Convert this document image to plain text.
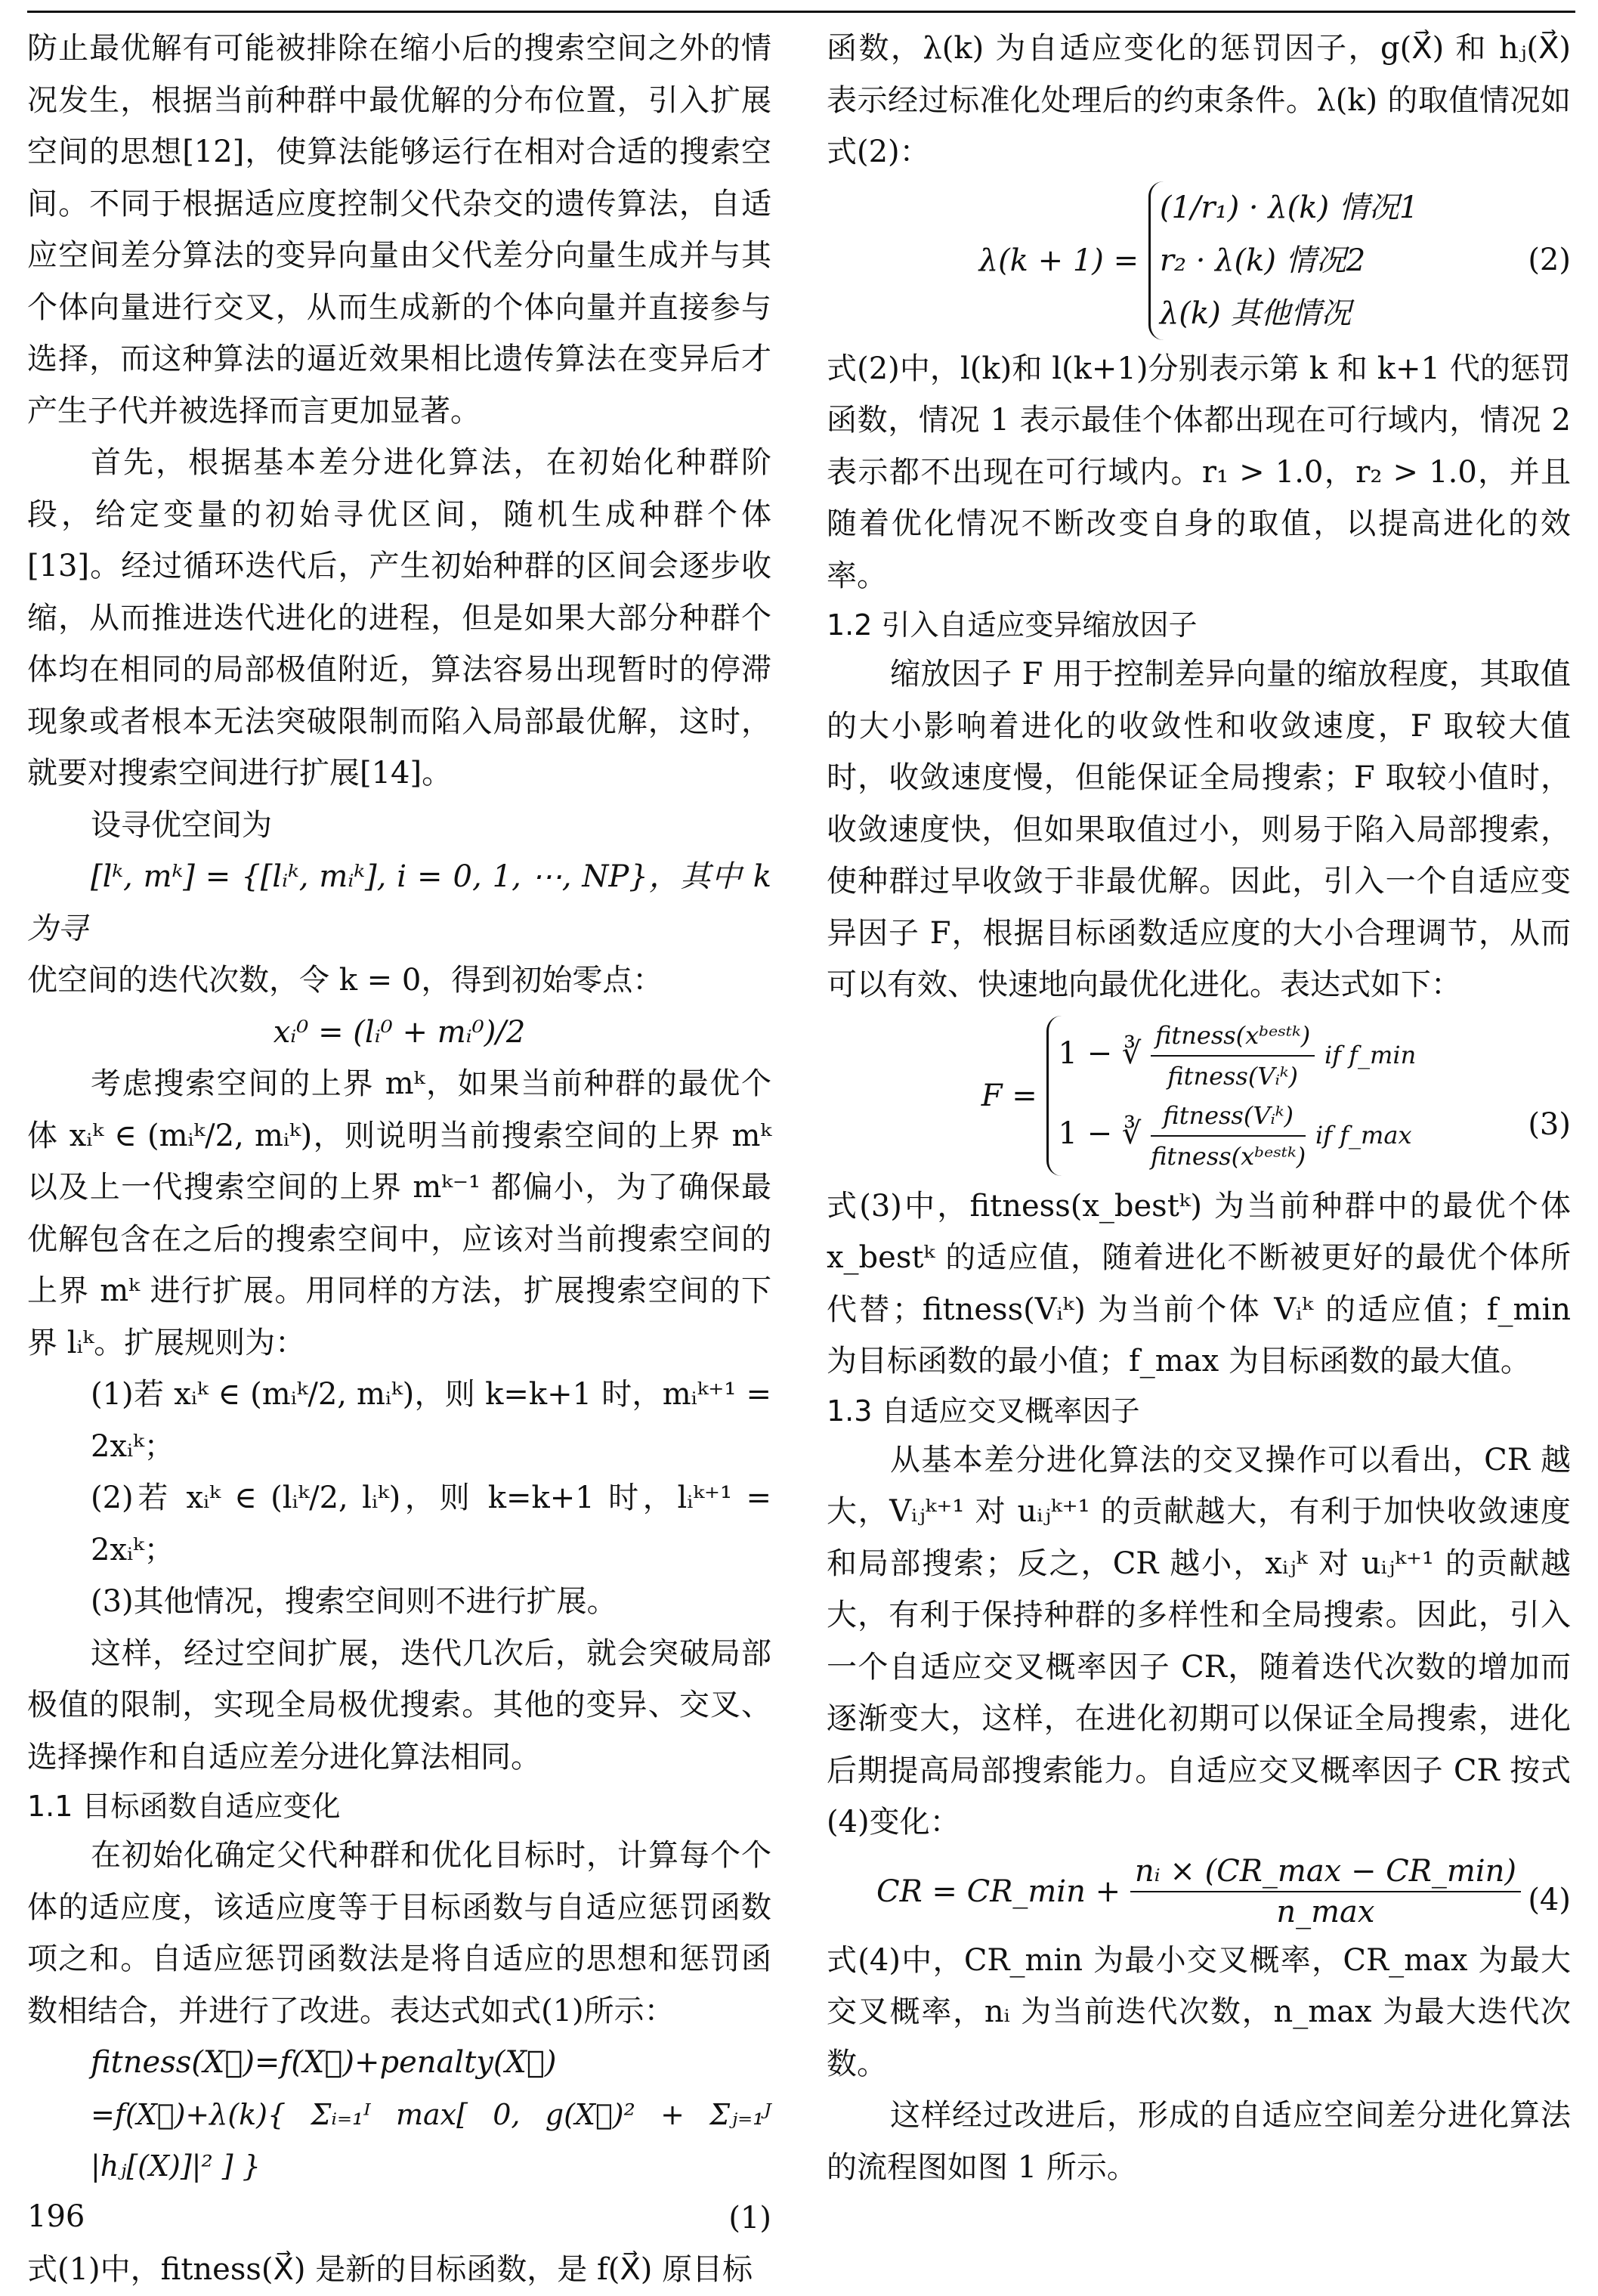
防止最优解有可能被排除在缩小后的搜索空间之外的情况发生，根据当前种群中最优解的分布位置，引入扩展空间的思想[12]，使算法能够运行在相对合适的搜索空间。不同于根据适应度控制父代杂交的遗传算法，自适应空间差分算法的变异向量由父代差分向量生成并与其个体向量进行交叉，从而生成新的个体向量并直接参与选择，而这种算法的逼近效果相比遗传算法在变异后才产生子代并被选择而言更加显著。

首先，根据基本差分进化算法，在初始化种群阶段，给定变量的初始寻优区间，随机生成种群个体[13]。经过循环迭代后，产生初始种群的区间会逐步收缩，从而推进迭代进化的进程，但是如果大部分种群个体均在相同的局部极值附近，算法容易出现暂时的停滞现象或者根本无法突破限制而陷入局部最优解，这时，就要对搜索空间进行扩展[14]。

设寻优空间为

[lᵏ, mᵏ] = {[lᵢᵏ, mᵢᵏ], i = 0, 1, ⋯, NP}，其中 k 为寻

优空间的迭代次数，令 k = 0，得到初始零点：

xᵢ⁰ = (lᵢ⁰ + mᵢ⁰)/2

考虑搜索空间的上界 mᵏ，如果当前种群的最优个体 xᵢᵏ ∈ (mᵢᵏ/2, mᵢᵏ)，则说明当前搜索空间的上界 mᵏ 以及上一代搜索空间的上界 mᵏ⁻¹ 都偏小，为了确保最优解包含在之后的搜索空间中，应该对当前搜索空间的上界 mᵏ 进行扩展。用同样的方法，扩展搜索空间的下界 lᵢᵏ。扩展规则为：

(1)若 xᵢᵏ ∈ (mᵢᵏ/2, mᵢᵏ)，则 k=k+1 时，mᵢᵏ⁺¹ = 2xᵢᵏ；

(2)若 xᵢᵏ ∈ (lᵢᵏ/2, lᵢᵏ)，则 k=k+1 时，lᵢᵏ⁺¹ = 2xᵢᵏ；

(3)其他情况，搜索空间则不进行扩展。

这样，经过空间扩展，迭代几次后，就会突破局部极值的限制，实现全局极优搜索。其他的变异、交叉、选择操作和自适应差分进化算法相同。

1.1 目标函数自适应变化

在初始化确定父代种群和优化目标时，计算每个个体的适应度，该适应度等于目标函数与自适应惩罚函数项之和。自适应惩罚函数法是将自适应的思想和惩罚函数相结合，并进行了改进。表达式如式(1)所示：

fitness(X⃗)=f(X⃗)+penalty(X⃗)

=f(X⃗)+λ(k){ Σᵢ₌₁ᴵ max[ 0, g(X⃗)² + Σⱼ₌₁ᴶ |hⱼ[(X)]|² ] }

(1)

式(1)中，fitness(X⃗) 是新的目标函数，是 f(X⃗) 原目标

函数，λ(k) 为自适应变化的惩罚因子，g(X⃗) 和 hⱼ(X⃗) 表示经过标准化处理后的约束条件。λ(k) 的取值情况如式(2)：

λ(k + 1) =
(1/r₁) · λ(k) 情况1
r₂ · λ(k) 情况2
λ(k) 其他情况
(2)

式(2)中，l(k)和 l(k+1)分别表示第 k 和 k+1 代的惩罚函数，情况 1 表示最佳个体都出现在可行域内，情况 2 表示都不出现在可行域内。r₁ > 1.0，r₂ > 1.0，并且随着优化情况不断改变自身的取值，以提高进化的效率。

1.2 引入自适应变异缩放因子

缩放因子 F 用于控制差异向量的缩放程度，其取值的大小影响着进化的收敛性和收敛速度，F 取较大值时，收敛速度慢，但能保证全局搜索；F 取较小值时，收敛速度快，但如果取值过小，则易于陷入局部搜索，使种群过早收敛于非最优解。因此，引入一个自适应变异因子 F，根据目标函数适应度的大小合理调节，从而可以有效、快速地向最优化进化。表达式如下：

F =
1 − ∛ $\frac{\text{fitness(xᵇᵉˢᵗᵏ)}}{\text{fitness(Vᵢᵏ)}}$ if f_min
1 − ∛ $\frac{\text{fitness(Vᵢᵏ)}}{\text{fitness(xᵇᵉˢᵗᵏ)}}$ if f_max	(3)

式(3)中，fitness(x_bestᵏ) 为当前种群中的最优个体 x_bestᵏ 的适应值，随着进化不断被更好的最优个体所代替；fitness(Vᵢᵏ) 为当前个体 Vᵢᵏ 的适应值；f_min 为目标函数的最小值；f_max 为目标函数的最大值。

1.3 自适应交叉概率因子

从基本差分进化算法的交叉操作可以看出，CR 越大，Vᵢⱼᵏ⁺¹ 对 uᵢⱼᵏ⁺¹ 的贡献越大，有利于加快收敛速度和局部搜索；反之，CR 越小，xᵢⱼᵏ 对 uᵢⱼᵏ⁺¹ 的贡献越大，有利于保持种群的多样性和全局搜索。因此，引入一个自适应交叉概率因子 CR，随着迭代次数的增加而逐渐变大，这样，在进化初期可以保证全局搜索，进化后期提高局部搜索能力。自适应交叉概率因子 CR 按式(4)变化：

CR = CR_min + $\frac{\text{nᵢ × (CR\_max − CR\_min)}}{n\_\max} (4)$

式(4)中，CR_min 为最小交叉概率，CR_max 为最大交叉概率，nᵢ 为当前迭代次数，n_max 为最大迭代次数。

这样经过改进后，形成的自适应空间差分进化算法的流程图如图 1 所示。

196
